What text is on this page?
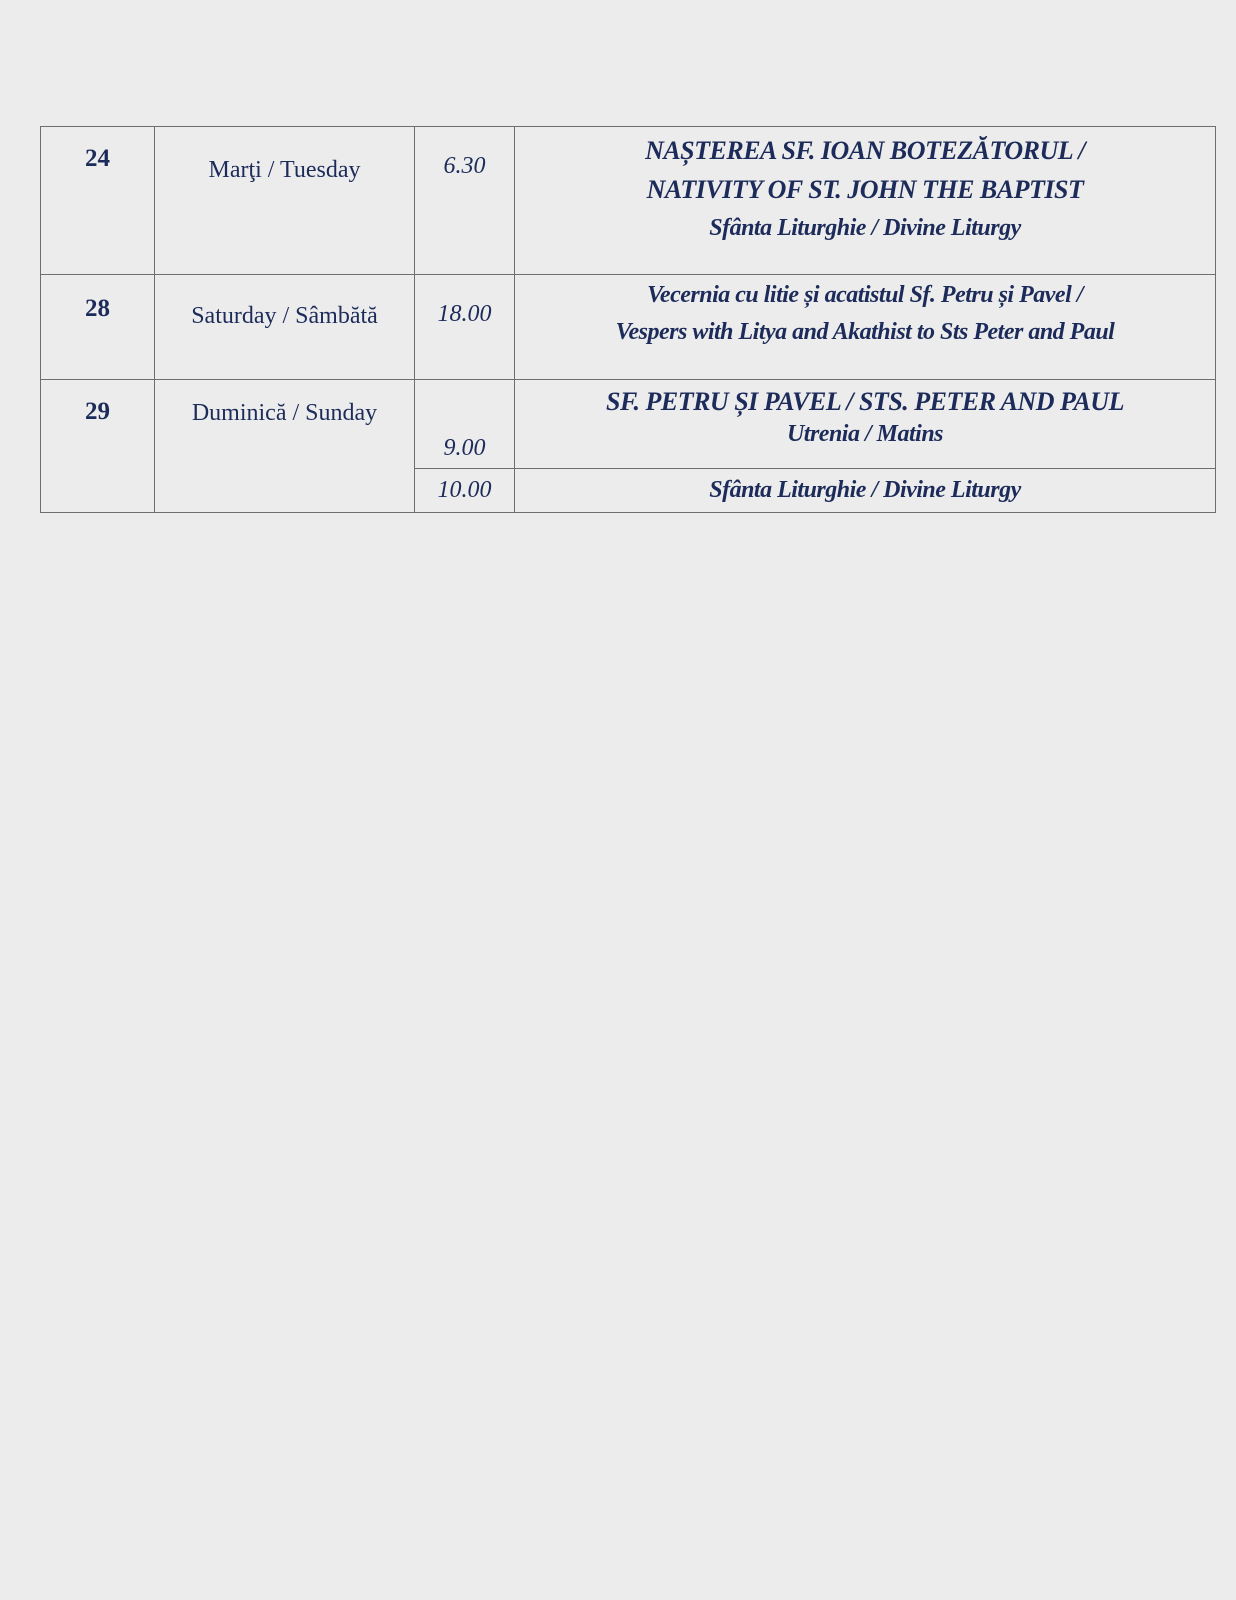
24	Marţi / Tuesday	6.30	NAȘTEREA SF. IOAN BOTEZĂTORUL /
NATIVITY OF ST. JOHN THE BAPTIST
Sfânta Liturghie / Divine Liturgy

28	Saturday / Sâmbătă	18.00	Vecernia cu litie și acatistul Sf. Petru și Pavel /
Vespers with Litya and Akathist to Sts Peter and Paul

29	Duminică / Sunday	9.00	SF. PETRU ȘI PAVEL / STS. PETER AND PAUL
Utrenia / Matins

		10.00	Sfânta Liturghie / Divine Liturgy
